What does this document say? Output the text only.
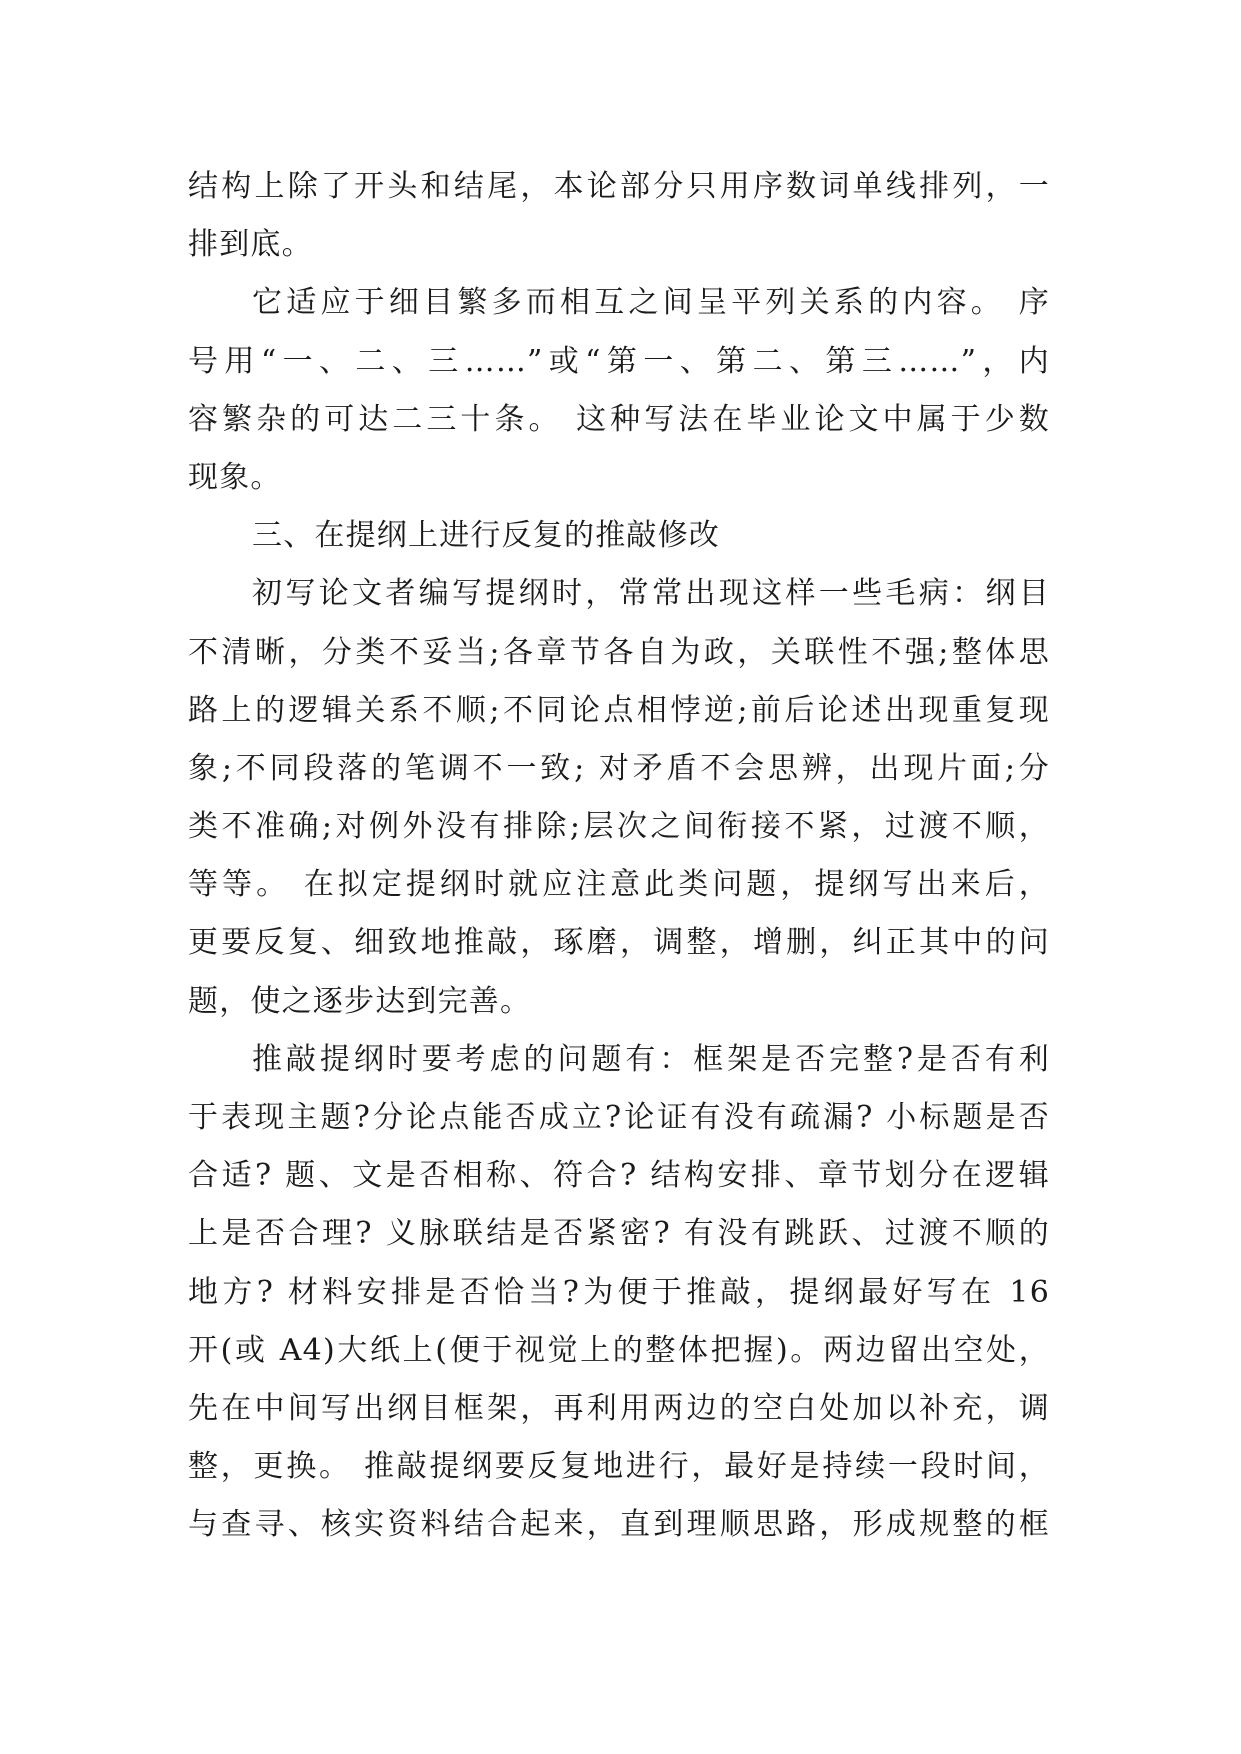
结构上除了开头和结尾，本论部分只用序数词单线排列，一
排到底。
它适应于细目繁多而相互之间呈平列关系的内容。 序
号用“一、二、三……”或“第一、第二、第三……”，内
容繁杂的可达二三十条。 这种写法在毕业论文中属于少数
现象。
三、在提纲上进行反复的推敲修改
初写论文者编写提纲时，常常出现这样一些毛病：纲目
不清晰，分类不妥当;各章节各自为政，关联性不强;整体思
路上的逻辑关系不顺;不同论点相悖逆;前后论述出现重复现
象;不同段落的笔调不一致; 对矛盾不会思辨，出现片面;分
类不准确;对例外没有排除;层次之间衔接不紧，过渡不顺，
等等。 在拟定提纲时就应注意此类问题，提纲写出来后，
更要反复、细致地推敲，琢磨，调整，增删，纠正其中的问
题，使之逐步达到完善。
推敲提纲时要考虑的问题有：框架是否完整?是否有利
于表现主题?分论点能否成立?论证有没有疏漏? 小标题是否
合适? 题、文是否相称、符合? 结构安排、章节划分在逻辑
上是否合理? 义脉联结是否紧密? 有没有跳跃、过渡不顺的
地方? 材料安排是否恰当?为便于推敲，提纲最好写在 16
开(或 A4)大纸上(便于视觉上的整体把握)。两边留出空处，
先在中间写出纲目框架，再利用两边的空白处加以补充，调
整，更换。 推敲提纲要反复地进行，最好是持续一段时间，
与查寻、核实资料结合起来，直到理顺思路，形成规整的框
